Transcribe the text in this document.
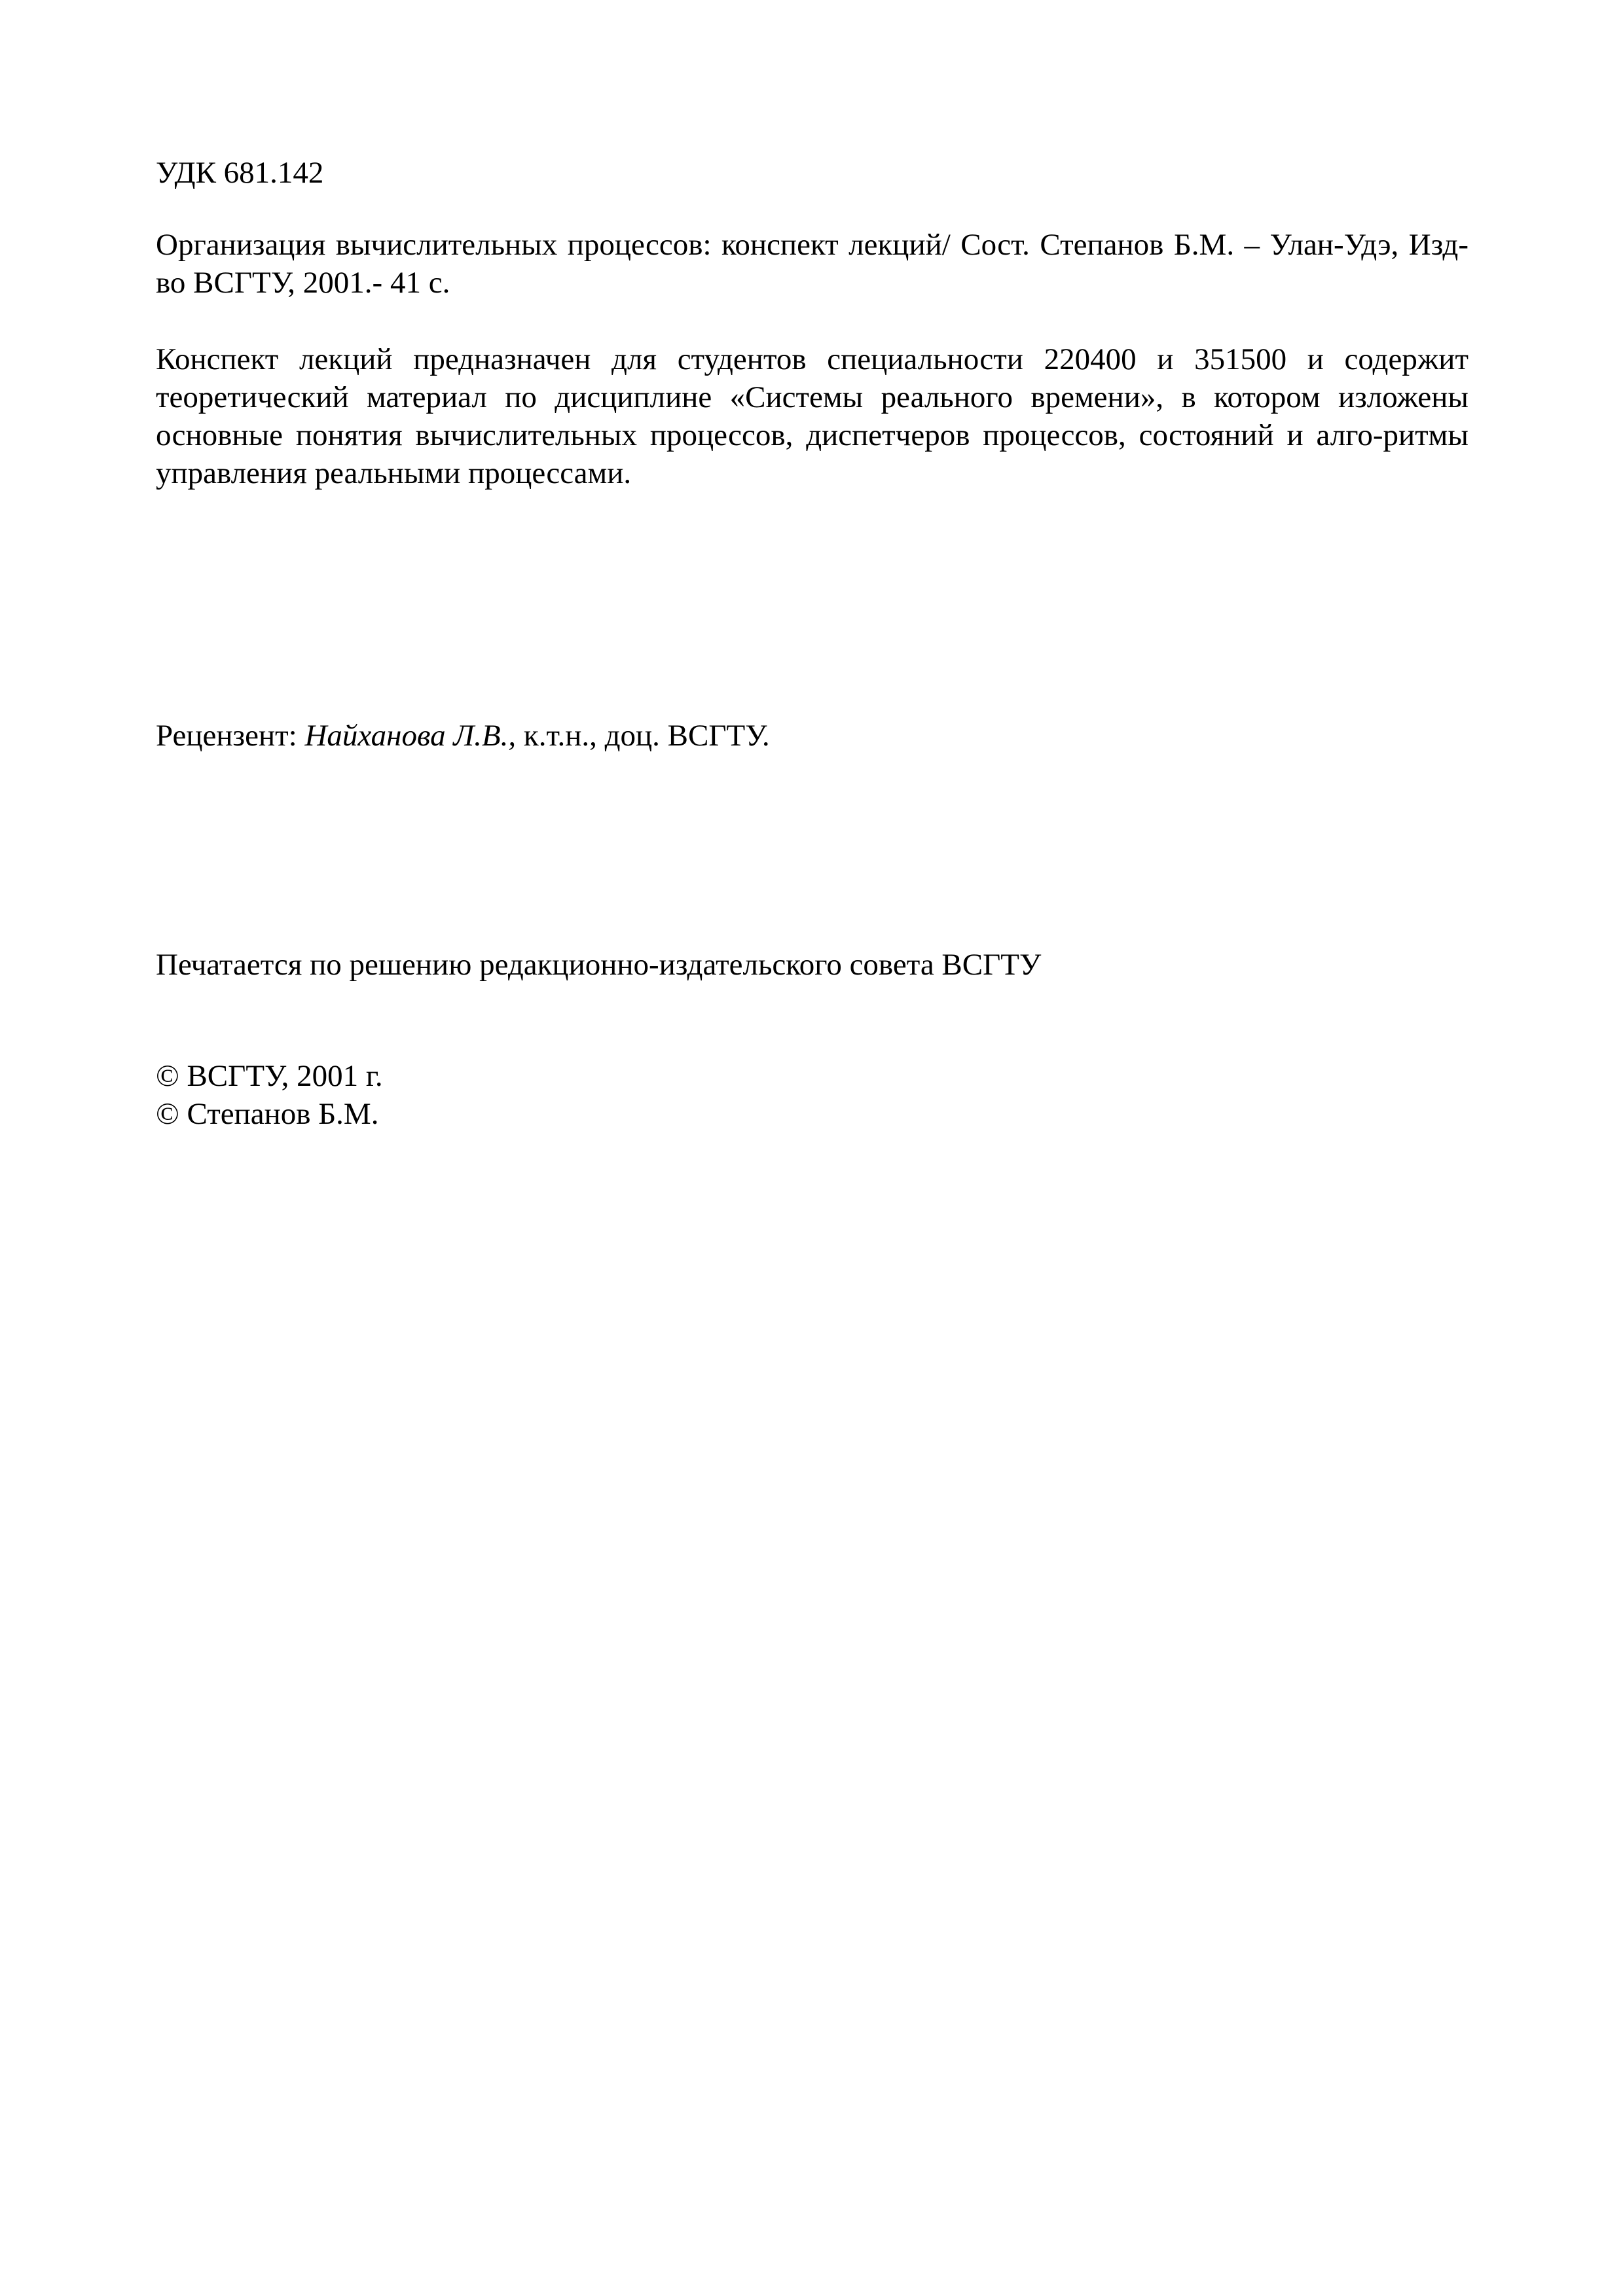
УДК 681.142
Организация вычислительных процессов: конспект лекций/ Сост. Степанов Б.М. – Улан-Удэ, Изд-во ВСГТУ, 2001.- 41 с.
Конспект лекций предназначен для студентов специальности 220400 и 351500 и содержит теоретический материал по дисциплине «Системы реального времени», в котором изложены основные понятия вычислительных процессов, диспетчеров процессов, состояний и алго-ритмы управления реальными процессами.
Рецензент: Найханова Л.В., к.т.н., доц. ВСГТУ.
Печатается по решению редакционно-издательского совета ВСГТУ
© ВСГТУ, 2001 г.
© Степанов Б.М.
